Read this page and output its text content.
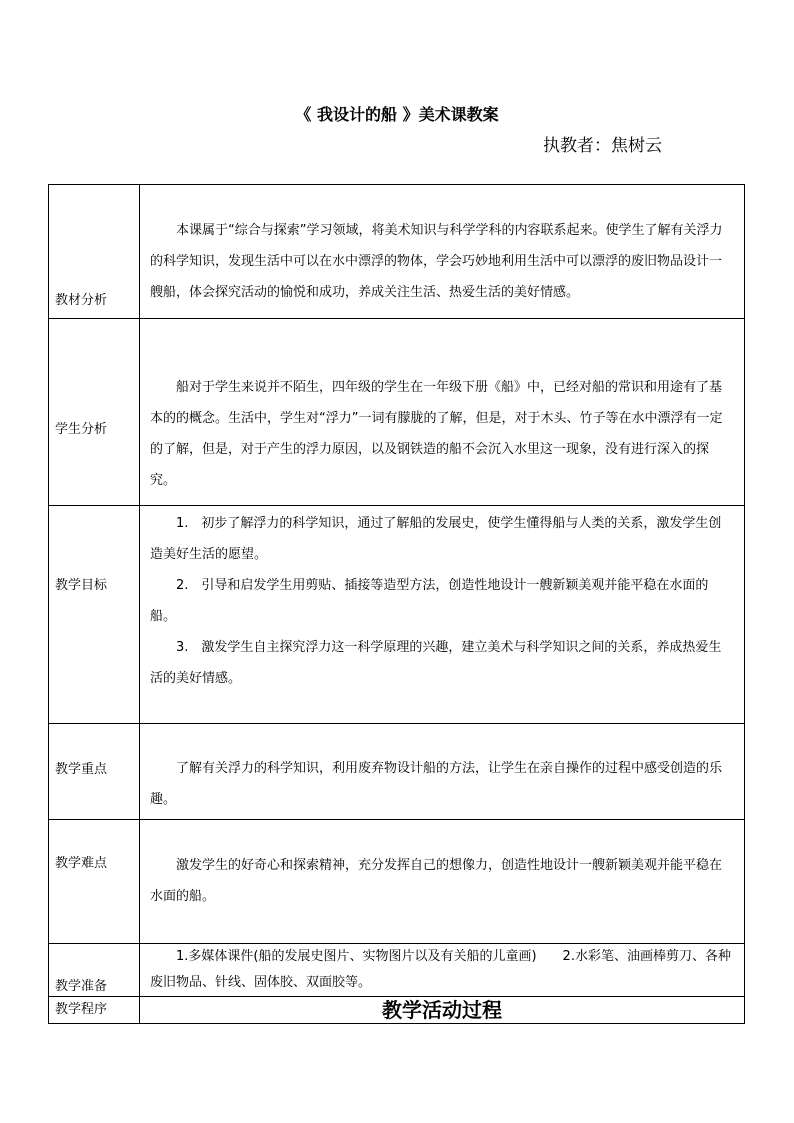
《 我设计的船 》美术课教案
执教者：焦树云
教材分析	本课属于“综合与探索”学习领域，将美术知识与科学学科的内容联系起来。使学生了解有关浮力的科学知识，发现生活中可以在水中漂浮的物体，学会巧妙地利用生活中可以漂浮的废旧物品设计一艘船，体会探究活动的愉悦和成功，养成关注生活、热爱生活的美好情感。

学生分析	船对于学生来说并不陌生，四年级的学生在一年级下册《船》中，已经对船的常识和用途有了基本的的概念。生活中，学生对“浮力”一词有朦胧的了解，但是，对于木头、竹子等在水中漂浮有一定的了解，但是，对于产生的浮力原因，以及钢铁造的船不会沉入水里这一现象，没有进行深入的探究。

教学目标	1.　初步了解浮力的科学知识，通过了解船的发展史，使学生懂得船与人类的关系，激发学生创造美好生活的愿望。
2.　引导和启发学生用剪贴、插接等造型方法，创造性地设计一艘新颖美观并能平稳在水面的船。
3.　激发学生自主探究浮力这一科学原理的兴趣，建立美术与科学知识之间的关系，养成热爱生活的美好情感。

教学重点	了解有关浮力的科学知识，利用废弃物设计船的方法，让学生在亲自操作的过程中感受创造的乐趣。

教学难点	激发学生的好奇心和探索精神，充分发挥自己的想像力，创造性地设计一艘新颖美观并能平稳在水面的船。

教学准备	1.多媒体课件(船的发展史图片、实物图片以及有关船的儿童画)　　2.水彩笔、油画棒剪刀、各种废旧物品、针线、固体胶、双面胶等。

教学程序	教学活动过程
